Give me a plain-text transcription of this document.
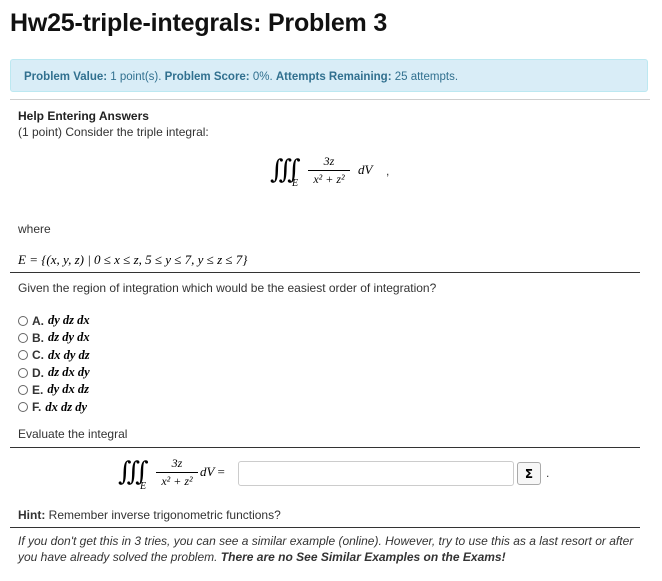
Hw25-triple-integrals: Problem 3
Problem Value: 1 point(s). Problem Score: 0%. Attempts Remaining: 25 attempts.
Help Entering Answers
(1 point) Consider the triple integral:
∭ E $\frac{3z}{\text{x² + z²}}$ dV ,
where
E = {(x, y, z) | 0 ≤ x ≤ z, 5 ≤ y ≤ 7, y ≤ z ≤ 7}
Given the region of integration which would be the easiest order of integration?
A. dy dz dx
B. dz dy dx
C. dx dy dz
D. dz dx dy
E. dy dx dz
F. dx dz dy
Evaluate the integral
∭ E $\frac{3z}{\text{x² + z²}}$ dV =	Σ	.
Hint: Remember inverse trigonometric functions?
If you don't get this in 3 tries, you can see a similar example (online). However, try to use this as a last resort or after you have already solved the problem. There are no See Similar Examples on the Exams!
